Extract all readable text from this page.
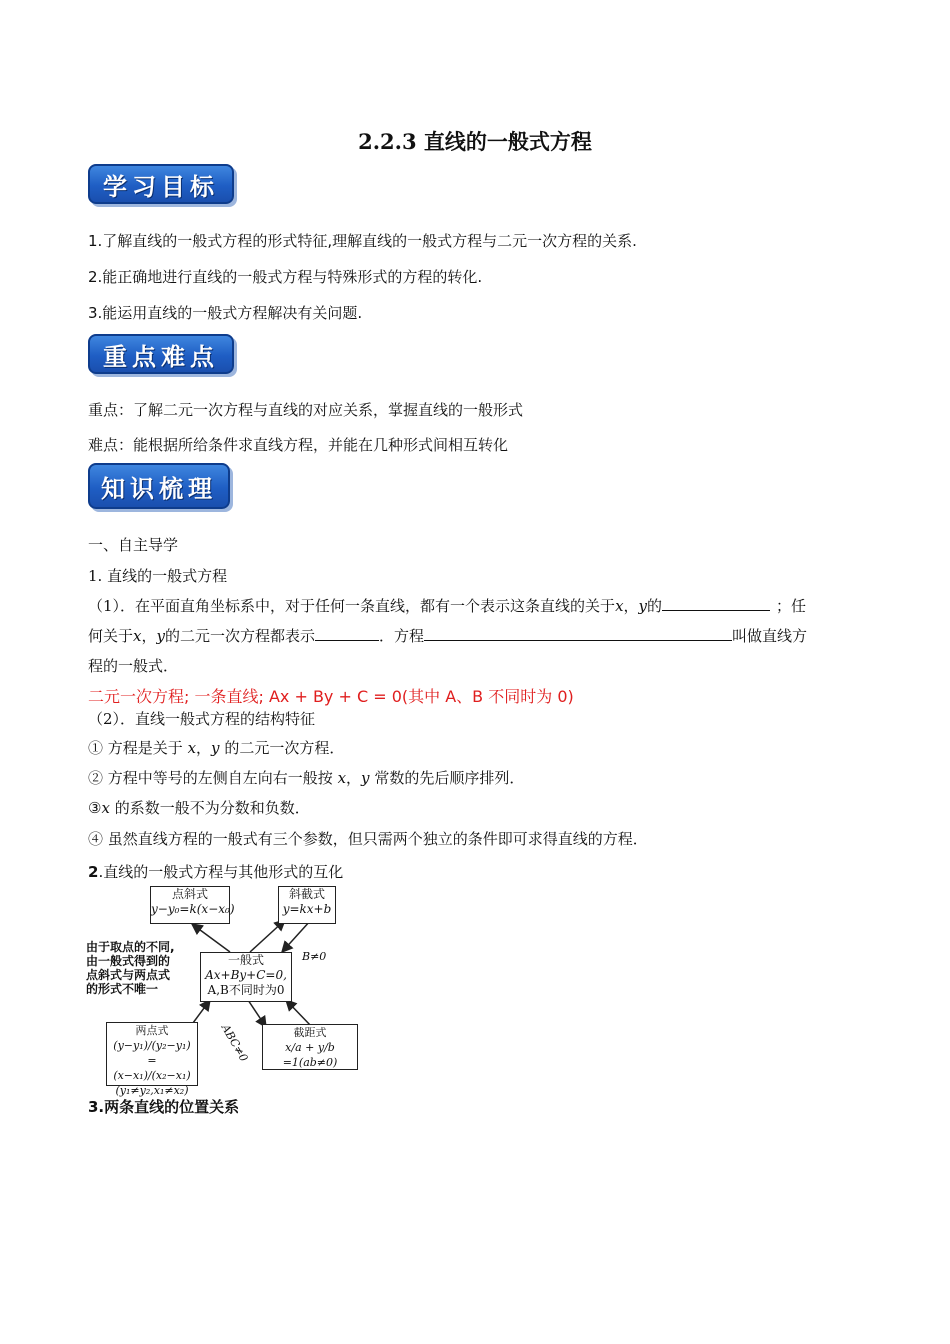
2.2.3 直线的一般式方程
学习目标
1.了解直线的一般式方程的形式特征,理解直线的一般式方程与二元一次方程的关系.
2.能正确地进行直线的一般式方程与特殊形式的方程的转化.
3.能运用直线的一般式方程解决有关问题.
重点难点
重点：了解二元一次方程与直线的对应关系，掌握直线的一般形式
难点：能根据所给条件求直线方程，并能在几种形式间相互转化
知识梳理
一、自主导学
1. 直线的一般式方程
（1）．在平面直角坐标系中，对于任何一条直线，都有一个表示这条直线的关于x，y的	；任
何关于x，y的二元一次方程都表示	．方程	叫做直线方
程的一般式．
二元一次方程; 一条直线; Ax + By + C = 0(其中 A、B 不同时为 0)
（2）．直线一般式方程的结构特征
① 方程是关于 x，y 的二元一次方程．
② 方程中等号的左侧自左向右一般按 x，y 常数的先后顺序排列．
③x 的系数一般不为分数和负数．
④ 虽然直线方程的一般式有三个参数，但只需两个独立的条件即可求得直线的方程．
2.直线的一般式方程与其他形式的互化
点斜式
y−y₀=k(x−x₀)
斜截式
y=kx+b
一般式
Ax+By+C=0,
A,B不同时为0
两点式
(y−y₁)/(y₂−y₁) = (x−x₁)/(x₂−x₁)
(y₁≠y₂,x₁≠x₂)
截距式
x/a + y/b =1(ab≠0)
B≠0
ABC≠0
由于取点的不同,
由一般式得到的
点斜式与两点式
的形式不唯一
3.两条直线的位置关系
